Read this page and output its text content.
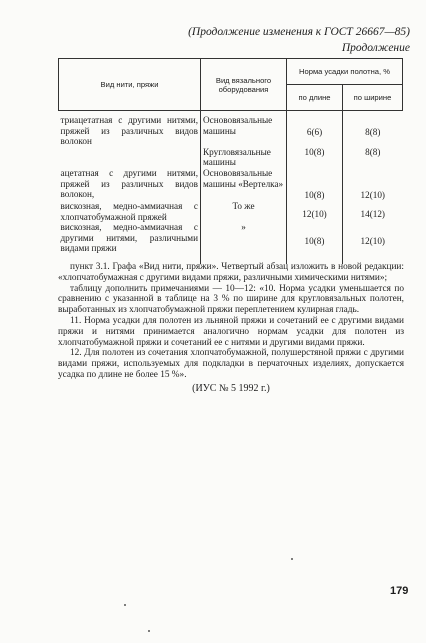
(Продолжение изменения к ГОСТ 26667—85)
Продолжение
Вид нити, пряжи	Вид вязального оборудования	Норма усадки полотна, %	
		по длине	по ширине
триацетатная с другими нитями, пряжей из различных видов волокон	Основовязальные машины	6(6)	8(8)
	Кругловязальные машины	10(8)	8(8)
ацетатная с другими нитями, пряжей из различных видов волокон,	Основовязальные машины «Вертелка»	10(8)	12(10)
вискозная, медно-аммиачная с хлопчатобумажной пряжей	То же	12(10)	14(12)
вискозная, медно-аммиачная с другими нитями, различными видами пряжи	»	10(8)	12(10)

пункт 3.1. Графа «Вид нити, пряжи». Четвертый абзац изложить в новой редакции: «хлопчатобумажная с другими видами пряжи, различными химическими нитями»;

таблицу дополнить примечаниями — 10—12: «10. Норма усадки уменьшается по сравнению с указанной в таблице на 3 % по ширине для кругловязальных полотен, выработанных из хлопчатобумажной пряжи переплетением кулирная гладь.

11. Норма усадки для полотен из льняной пряжи и сочетаний ее с другими видами пряжи и нитями принимается аналогично нормам усадки для полотен из хлопчатобумажной пряжи и сочетаний ее с нитями и другими видами пряжи.

12. Для полотен из сочетания хлопчатобумажной, полушерстяной пряжи с другими видами пряжи, используемых для подкладки в перчаточных изделиях, допускается усадка по длине не более 15 %».

(ИУС № 5 1992 г.)

179
